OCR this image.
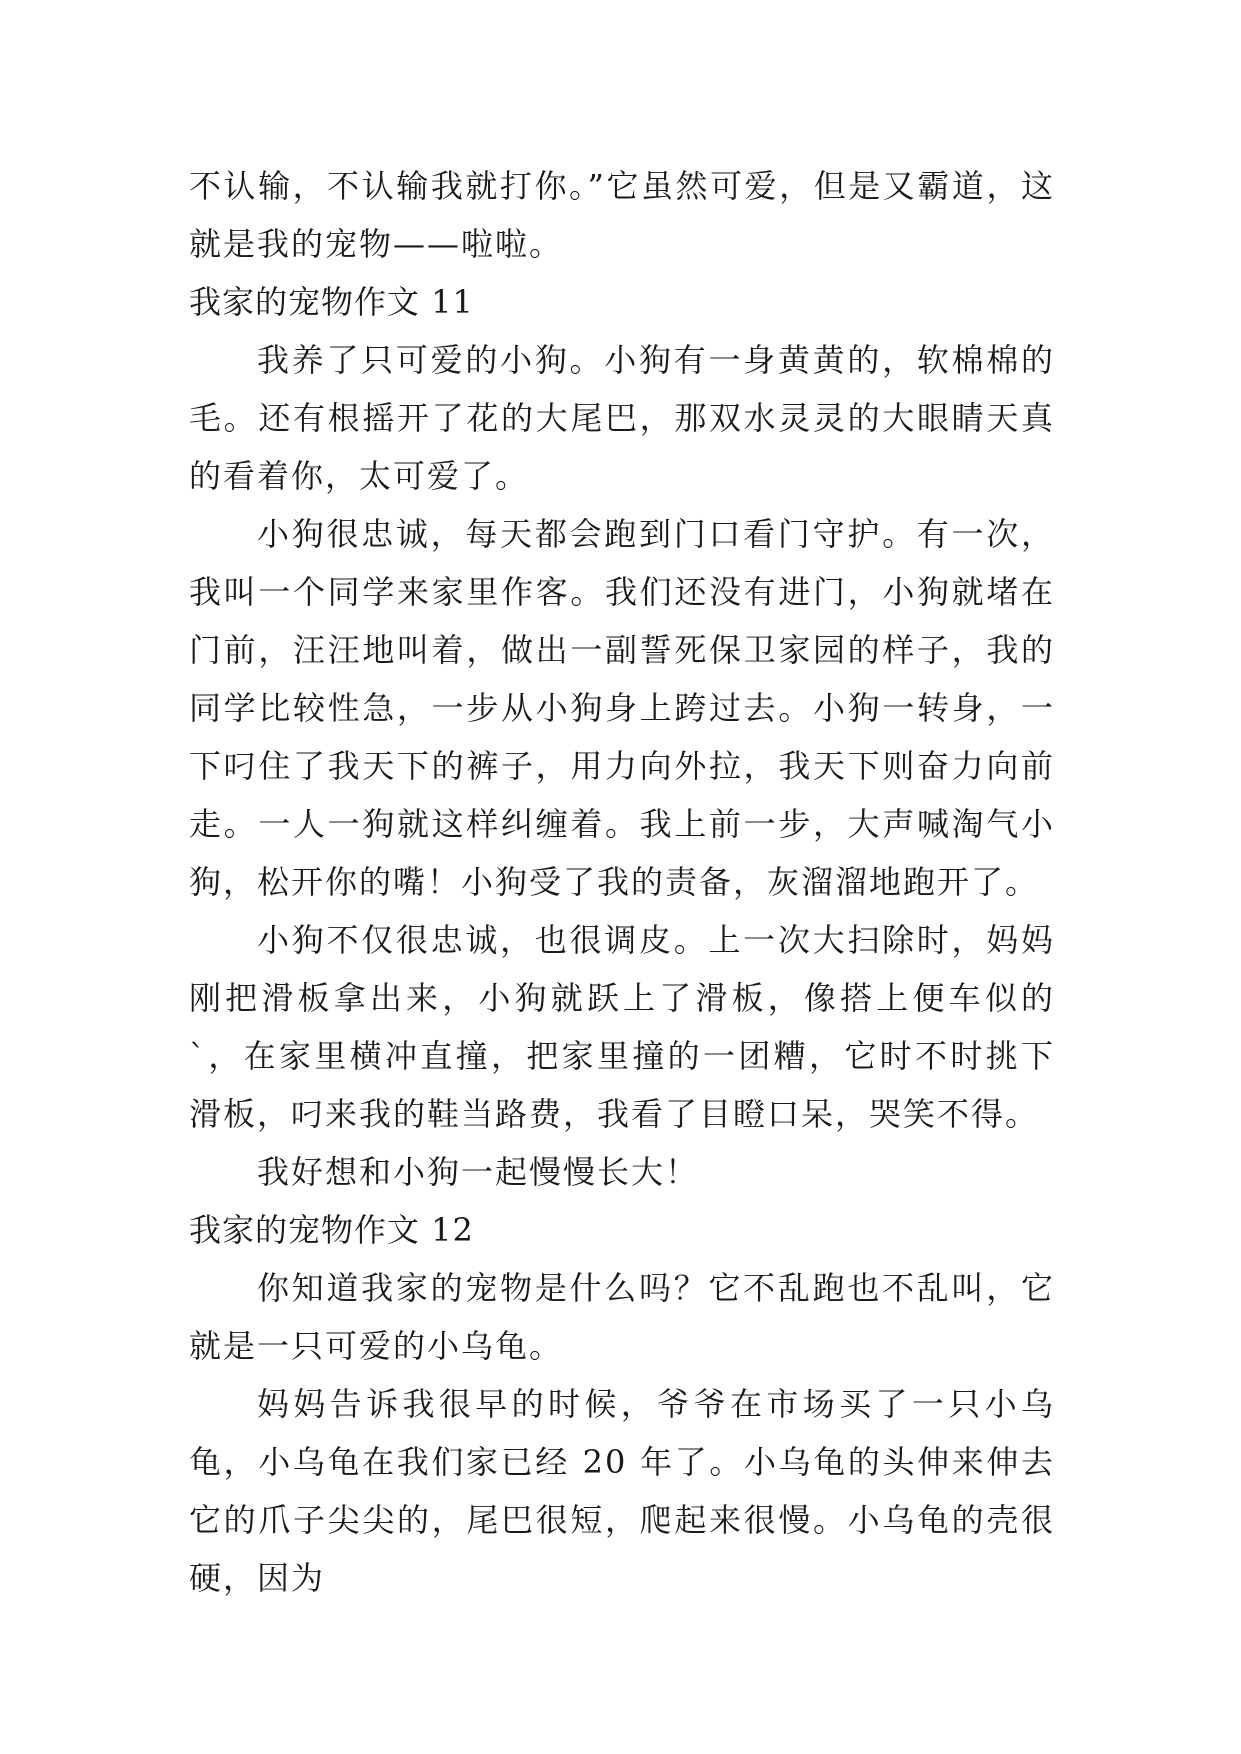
不认输，不认输我就打你。”它虽然可爱，但是又霸道，这就是我的宠物——啦啦。

我家的宠物作文 11

我养了只可爱的小狗。小狗有一身黄黄的，软棉棉的毛。还有根摇开了花的大尾巴，那双水灵灵的大眼睛天真的看着你，太可爱了。

小狗很忠诚，每天都会跑到门口看门守护。有一次，我叫一个同学来家里作客。我们还没有进门，小狗就堵在门前，汪汪地叫着，做出一副誓死保卫家园的样子，我的同学比较性急，一步从小狗身上跨过去。小狗一转身，一下叼住了我天下的裤子，用力向外拉，我天下则奋力向前走。一人一狗就这样纠缠着。我上前一步，大声喊淘气小狗，松开你的嘴！小狗受了我的责备，灰溜溜地跑开了。

小狗不仅很忠诚，也很调皮。上一次大扫除时，妈妈刚把滑板拿出来，小狗就跃上了滑板，像搭上便车似的`，在家里横冲直撞，把家里撞的一团糟，它时不时挑下滑板，叼来我的鞋当路费，我看了目瞪口呆，哭笑不得。

我好想和小狗一起慢慢长大！

我家的宠物作文 12

你知道我家的宠物是什么吗？它不乱跑也不乱叫，它就是一只可爱的小乌龟。

妈妈告诉我很早的时候，爷爷在市场买了一只小乌龟，小乌龟在我们家已经 20 年了。小乌龟的头伸来伸去它的爪子尖尖的，尾巴很短，爬起来很慢。小乌龟的壳很硬，因为
